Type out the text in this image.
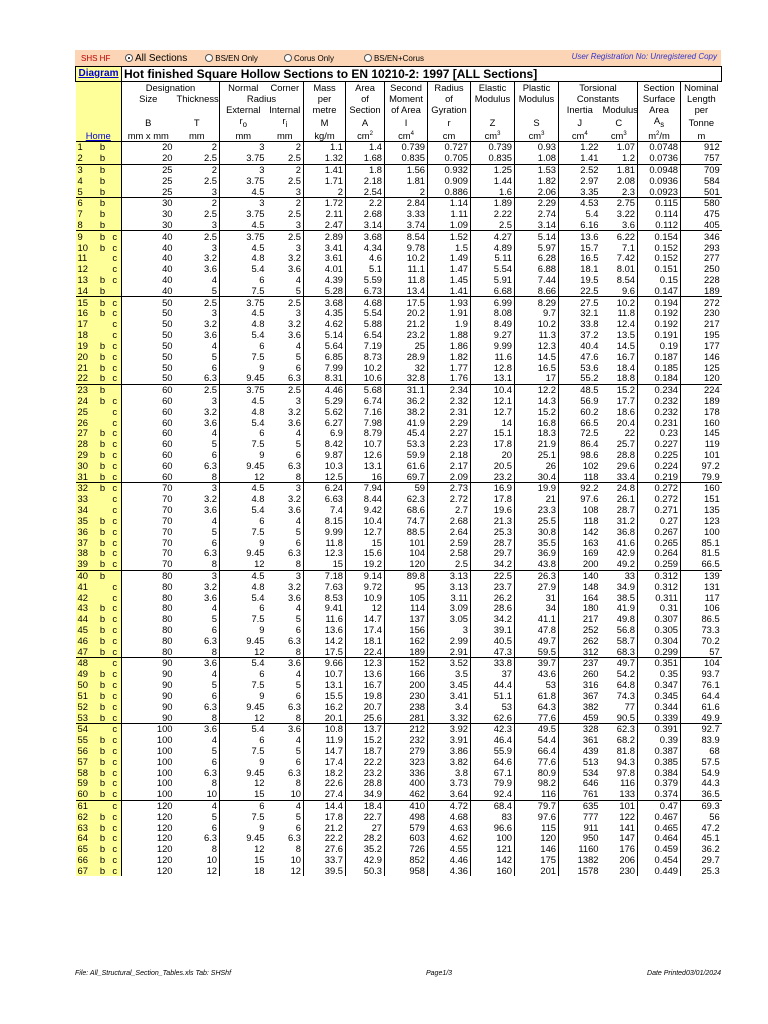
SHS HF	All Sections	BS/EN Only	Corus Only	BS/EN+Corus	User Registration No: Unregistered Copy
Diagram			Hot finished Square Hollow Sections to EN 10210-2: 1997 [ALL Sections]													
			Designation		Normal	Corner	Mass	Area	Second	Radius	Elastic	Plastic	Torsional		Section	Nominal
			Size	Thickness	Radius		per	of	Moment	of	Modulus	Modulus	Constants		Surface	Length
					External	Internal	metre	Section	of Area	Gyration			Inertia	Modulus	Area	per
			B	T	$r_o$	$r_i$	M	A	I	r	Z	S	J	C	$A_s$	Tonne
Home			mm x mm	mm	mm	mm	kg/m	$cm^2$	$cm^4$	cm	$cm^3$	$cm^3$	$cm^4$	$cm^3$	$m^2/m$	m
1	b		20	2	3	2	1.1	1.4	0.739	0.727	0.739	0.93	1.22	1.07	0.0748	912
2	b		20	2.5	3.75	2.5	1.32	1.68	0.835	0.705	0.835	1.08	1.41	1.2	0.0736	757
3	b		25	2	3	2	1.41	1.8	1.56	0.932	1.25	1.53	2.52	1.81	0.0948	709
4	b		25	2.5	3.75	2.5	1.71	2.18	1.81	0.909	1.44	1.82	2.97	2.08	0.0936	584
5	b		25	3	4.5	3	2	2.54	2	0.886	1.6	2.06	3.35	2.3	0.0923	501
6	b		30	2	3	2	1.72	2.2	2.84	1.14	1.89	2.29	4.53	2.75	0.115	580
7	b		30	2.5	3.75	2.5	2.11	2.68	3.33	1.11	2.22	2.74	5.4	3.22	0.114	475
8	b		30	3	4.5	3	2.47	3.14	3.74	1.09	2.5	3.14	6.16	3.6	0.112	405
9	b	c	40	2.5	3.75	2.5	2.89	3.68	8.54	1.52	4.27	5.14	13.6	6.22	0.154	346
10	b	c	40	3	4.5	3	3.41	4.34	9.78	1.5	4.89	5.97	15.7	7.1	0.152	293
11		c	40	3.2	4.8	3.2	3.61	4.6	10.2	1.49	5.11	6.28	16.5	7.42	0.152	277
12		c	40	3.6	5.4	3.6	4.01	5.1	11.1	1.47	5.54	6.88	18.1	8.01	0.151	250
13	b	c	40	4	6	4	4.39	5.59	11.8	1.45	5.91	7.44	19.5	8.54	0.15	228
14	b		40	5	7.5	5	5.28	6.73	13.4	1.41	6.68	8.66	22.5	9.6	0.147	189
15	b	c	50	2.5	3.75	2.5	3.68	4.68	17.5	1.93	6.99	8.29	27.5	10.2	0.194	272
16	b	c	50	3	4.5	3	4.35	5.54	20.2	1.91	8.08	9.7	32.1	11.8	0.192	230
17		c	50	3.2	4.8	3.2	4.62	5.88	21.2	1.9	8.49	10.2	33.8	12.4	0.192	217
18		c	50	3.6	5.4	3.6	5.14	6.54	23.2	1.88	9.27	11.3	37.2	13.5	0.191	195
19	b	c	50	4	6	4	5.64	7.19	25	1.86	9.99	12.3	40.4	14.5	0.19	177
20	b	c	50	5	7.5	5	6.85	8.73	28.9	1.82	11.6	14.5	47.6	16.7	0.187	146
21	b	c	50	6	9	6	7.99	10.2	32	1.77	12.8	16.5	53.6	18.4	0.185	125
22	b	c	50	6.3	9.45	6.3	8.31	10.6	32.8	1.76	13.1	17	55.2	18.8	0.184	120
23	b		60	2.5	3.75	2.5	4.46	5.68	31.1	2.34	10.4	12.2	48.5	15.2	0.234	224
24	b	c	60	3	4.5	3	5.29	6.74	36.2	2.32	12.1	14.3	56.9	17.7	0.232	189
25		c	60	3.2	4.8	3.2	5.62	7.16	38.2	2.31	12.7	15.2	60.2	18.6	0.232	178
26		c	60	3.6	5.4	3.6	6.27	7.98	41.9	2.29	14	16.8	66.5	20.4	0.231	160
27	b	c	60	4	6	4	6.9	8.79	45.4	2.27	15.1	18.3	72.5	22	0.23	145
28	b	c	60	5	7.5	5	8.42	10.7	53.3	2.23	17.8	21.9	86.4	25.7	0.227	119
29	b	c	60	6	9	6	9.87	12.6	59.9	2.18	20	25.1	98.6	28.8	0.225	101
30	b	c	60	6.3	9.45	6.3	10.3	13.1	61.6	2.17	20.5	26	102	29.6	0.224	97.2
31	b	c	60	8	12	8	12.5	16	69.7	2.09	23.2	30.4	118	33.4	0.219	79.9
32	b	c	70	3	4.5	3	6.24	7.94	59	2.73	16.9	19.9	92.2	24.8	0.272	160
33		c	70	3.2	4.8	3.2	6.63	8.44	62.3	2.72	17.8	21	97.6	26.1	0.272	151
34		c	70	3.6	5.4	3.6	7.4	9.42	68.6	2.7	19.6	23.3	108	28.7	0.271	135
35	b	c	70	4	6	4	8.15	10.4	74.7	2.68	21.3	25.5	118	31.2	0.27	123
36	b	c	70	5	7.5	5	9.99	12.7	88.5	2.64	25.3	30.8	142	36.8	0.267	100
37	b	c	70	6	9	6	11.8	15	101	2.59	28.7	35.5	163	41.6	0.265	85.1
38	b	c	70	6.3	9.45	6.3	12.3	15.6	104	2.58	29.7	36.9	169	42.9	0.264	81.5
39	b	c	70	8	12	8	15	19.2	120	2.5	34.2	43.8	200	49.2	0.259	66.5
40	b		80	3	4.5	3	7.18	9.14	89.8	3.13	22.5	26.3	140	33	0.312	139
41		c	80	3.2	4.8	3.2	7.63	9.72	95	3.13	23.7	27.9	148	34.9	0.312	131
42		c	80	3.6	5.4	3.6	8.53	10.9	105	3.11	26.2	31	164	38.5	0.311	117
43	b	c	80	4	6	4	9.41	12	114	3.09	28.6	34	180	41.9	0.31	106
44	b	c	80	5	7.5	5	11.6	14.7	137	3.05	34.2	41.1	217	49.8	0.307	86.5
45	b	c	80	6	9	6	13.6	17.4	156	3	39.1	47.8	252	56.8	0.305	73.3
46	b	c	80	6.3	9.45	6.3	14.2	18.1	162	2.99	40.5	49.7	262	58.7	0.304	70.2
47	b	c	80	8	12	8	17.5	22.4	189	2.91	47.3	59.5	312	68.3	0.299	57
48		c	90	3.6	5.4	3.6	9.66	12.3	152	3.52	33.8	39.7	237	49.7	0.351	104
49	b	c	90	4	6	4	10.7	13.6	166	3.5	37	43.6	260	54.2	0.35	93.7
50	b	c	90	5	7.5	5	13.1	16.7	200	3.45	44.4	53	316	64.8	0.347	76.1
51	b	c	90	6	9	6	15.5	19.8	230	3.41	51.1	61.8	367	74.3	0.345	64.4
52	b	c	90	6.3	9.45	6.3	16.2	20.7	238	3.4	53	64.3	382	77	0.344	61.6
53	b	c	90	8	12	8	20.1	25.6	281	3.32	62.6	77.6	459	90.5	0.339	49.9
54		c	100	3.6	5.4	3.6	10.8	13.7	212	3.92	42.3	49.5	328	62.3	0.391	92.7
55	b	c	100	4	6	4	11.9	15.2	232	3.91	46.4	54.4	361	68.2	0.39	83.9
56	b	c	100	5	7.5	5	14.7	18.7	279	3.86	55.9	66.4	439	81.8	0.387	68
57	b	c	100	6	9	6	17.4	22.2	323	3.82	64.6	77.6	513	94.3	0.385	57.5
58	b	c	100	6.3	9.45	6.3	18.2	23.2	336	3.8	67.1	80.9	534	97.8	0.384	54.9
59	b	c	100	8	12	8	22.6	28.8	400	3.73	79.9	98.2	646	116	0.379	44.3
60	b	c	100	10	15	10	27.4	34.9	462	3.64	92.4	116	761	133	0.374	36.5
61		c	120	4	6	4	14.4	18.4	410	4.72	68.4	79.7	635	101	0.47	69.3
62	b	c	120	5	7.5	5	17.8	22.7	498	4.68	83	97.6	777	122	0.467	56
63	b	c	120	6	9	6	21.2	27	579	4.63	96.6	115	911	141	0.465	47.2
64	b	c	120	6.3	9.45	6.3	22.2	28.2	603	4.62	100	120	950	147	0.464	45.1
65	b	c	120	8	12	8	27.6	35.2	726	4.55	121	146	1160	176	0.459	36.2
66	b	c	120	10	15	10	33.7	42.9	852	4.46	142	175	1382	206	0.454	29.7
67	b	c	120	12	18	12	39.5	50.3	958	4.36	160	201	1578	230	0.449	25.3
File: All_Structural_Section_Tables.xls Tab: SHShf	Page1/3	Date Printed03/01/2024
